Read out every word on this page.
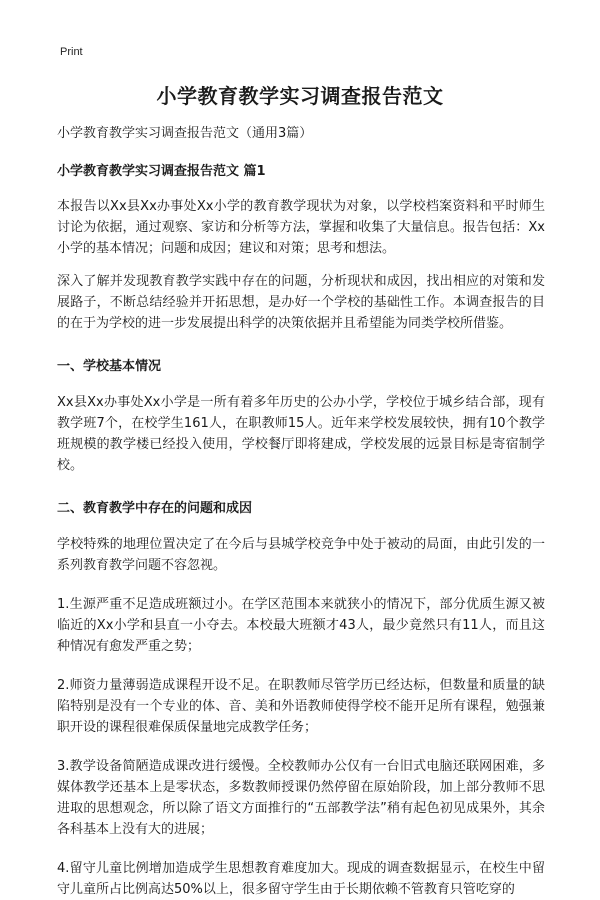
Print
小学教育教学实习调查报告范文

小学教育教学实习调查报告范文（通用3篇）

小学教育教学实习调查报告范文 篇1

本报告以Xx县Xx办事处Xx小学的教育教学现状为对象，以学校档案资料和平时师生讨论为依据，通过观察、家访和分析等方法，掌握和收集了大量信息。报告包括：Xx小学的基本情况；问题和成因；建议和对策；思考和想法。

深入了解并发现教育教学实践中存在的问题，分析现状和成因，找出相应的对策和发展路子，不断总结经验并开拓思想，是办好一个学校的基础性工作。本调查报告的目的在于为学校的进一步发展提出科学的决策依据并且希望能为同类学校所借鉴。

一、学校基本情况

Xx县Xx办事处Xx小学是一所有着多年历史的公办小学，学校位于城乡结合部，现有教学班7个，在校学生161人，在职教师15人。近年来学校发展较快，拥有10个教学班规模的教学楼已经投入使用，学校餐厅即将建成，学校发展的远景目标是寄宿制学校。

二、教育教学中存在的问题和成因

学校特殊的地理位置决定了在今后与县城学校竞争中处于被动的局面，由此引发的一系列教育教学问题不容忽视。

1.生源严重不足造成班额过小。在学区范围本来就狭小的情况下，部分优质生源又被临近的Xx小学和县直一小夺去。本校最大班额才43人，最少竟然只有11人，而且这种情况有愈发严重之势；

2.师资力量薄弱造成课程开设不足。在职教师尽管学历已经达标，但数量和质量的缺陷特别是没有一个专业的体、音、美和外语教师使得学校不能开足所有课程，勉强兼职开设的课程很难保质保量地完成教学任务；

3.教学设备简陋造成课改进行缓慢。全校教师办公仅有一台旧式电脑还联网困难，多媒体教学还基本上是零状态，多数教师授课仍然停留在原始阶段，加上部分教师不思进取的思想观念，所以除了语文方面推行的“五部教学法”稍有起色初见成果外，其余各科基本上没有大的进展；

4.留守儿童比例增加造成学生思想教育难度加大。现成的调查数据显示，在校生中留守儿童所占比例高达50%以上，很多留守学生由于长期依赖不管教育只管吃穿的
